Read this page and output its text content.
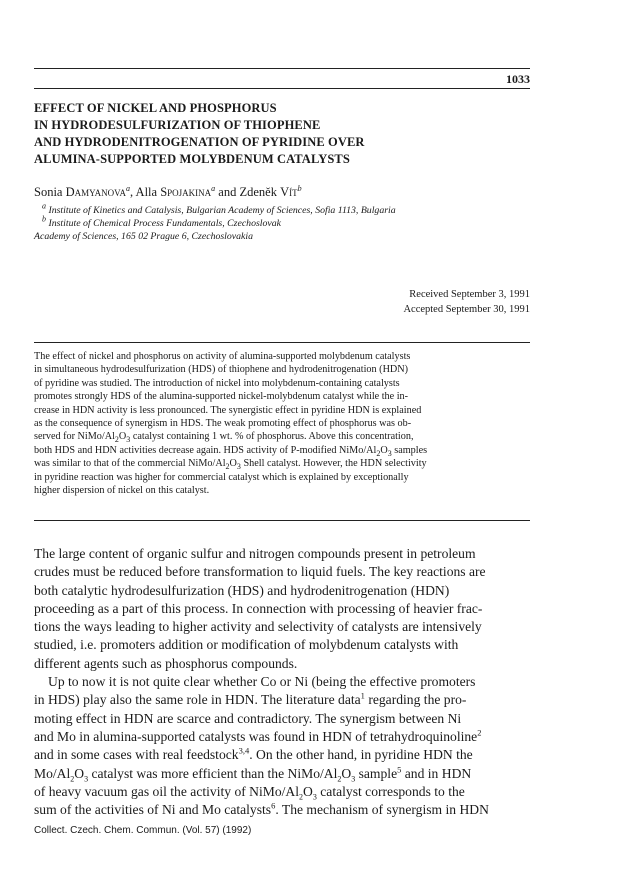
1033
EFFECT OF NICKEL AND PHOSPHORUS
IN HYDRODESULFURIZATION OF THIOPHENE
AND HYDRODENITROGENATION OF PYRIDINE OVER
ALUMINA-SUPPORTED MOLYBDENUM CATALYSTS
Sonia Damyanova$^a$, Alla Spojakina$^a$ and Zdeněk Vít$^b$
$^a$ Institute of Kinetics and Catalysis, Bulgarian Academy of Sciences, Sofia 1113, Bulgaria
$^b$ Institute of Chemical Process Fundamentals, Czechoslovak
Academy of Sciences, 165 02 Prague 6, Czechoslovakia
Received September 3, 1991
Accepted September 30, 1991
The effect of nickel and phosphorus on activity of alumina-supported molybdenum catalysts
in simultaneous hydrodesulfurization (HDS) of thiophene and hydrodenitrogenation (HDN)
of pyridine was studied. The introduction of nickel into molybdenum-containing catalysts
promotes strongly HDS of the alumina-supported nickel-molybdenum catalyst while the in-
crease in HDN activity is less pronounced. The synergistic effect in pyridine HDN is explained
as the consequence of synergism in HDS. The weak promoting effect of phosphorus was ob-
served for NiMo/$Al_2O_3$ catalyst containing 1 wt. % of phosphorus. Above this concentration,
both HDS and HDN activities decrease again. HDS activity of P-modified NiMo/$Al_2O_3$ samples
was similar to that of the commercial NiMo/$Al_2O_3$ Shell catalyst. However, the HDN selectivity
in pyridine reaction was higher for commercial catalyst which is explained by exceptionally
higher dispersion of nickel on this catalyst.
The large content of organic sulfur and nitrogen compounds present in petroleum
crudes must be reduced before transformation to liquid fuels. The key reactions are
both catalytic hydrodesulfurization (HDS) and hydrodenitrogenation (HDN)
proceeding as a part of this process. In connection with processing of heavier frac-
tions the ways leading to higher activity and selectivity of catalysts are intensively
studied, i.e. promoters addition or modification of molybdenum catalysts with
different agents such as phosphorus compounds.
Up to now it is not quite clear whether Co or Ni (being the effective promoters
in HDS) play also the same role in HDN. The literature data$^1$ regarding the pro-
moting effect in HDN are scarce and contradictory. The synergism between Ni
and Mo in alumina-supported catalysts was found in HDN of tetrahydroquinoline$^2$
and in some cases with real feedstock$^{3,4}$. On the other hand, in pyridine HDN the
$Mo/Al_2O_3$ catalyst was more efficient than the NiMo/$Al_2O_3$ sample$^5$ and in HDN
of heavy vacuum gas oil the activity of NiMo/$Al_2O_3$ catalyst corresponds to the
sum of the activities of Ni and Mo catalysts$^6$. The mechanism of synergism in HDN
Collect. Czech. Chem. Commun. (Vol. 57) (1992)
